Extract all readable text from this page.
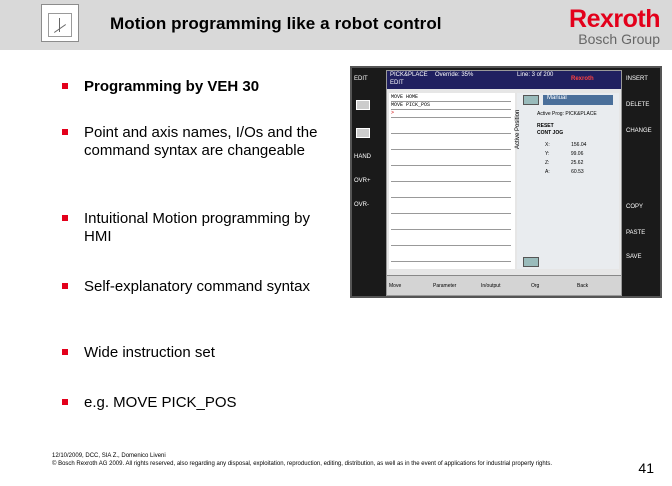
Motion programming like a robot control	Rexroth
Bosch Group
Programming by VEH 30
Point and axis names, I/Os and the command syntax are changeable
Intuitional Motion programming by HMI
Self-explanatory command syntax
Wide instruction set
e.g. MOVE PICK_POS
EDIT
HAND
OVR+
OVR-
INSERT
DELETE
CHANGE
COPY
PASTE
SAVE
PICK&PLACE Override: 35%
EDIT
Line: 3 of 200
Rexroth
MOVE HOME
MOVE PICK_POS
>
Manual
Active Position	Active Prog: PICK&PLACE
RESET
CONT JOG
X:	156.04
Y:	99.06
Z:	25.62
A:	60.53
Move	Parameter	In/output	Org	Back
12/10/2009, DCC, SIA Z., Domenico Liveni
© Bosch Rexroth AG 2009. All rights reserved, also regarding any disposal, exploitation, reproduction, editing, distribution, as well as in the event of applications for industrial property rights.	41
